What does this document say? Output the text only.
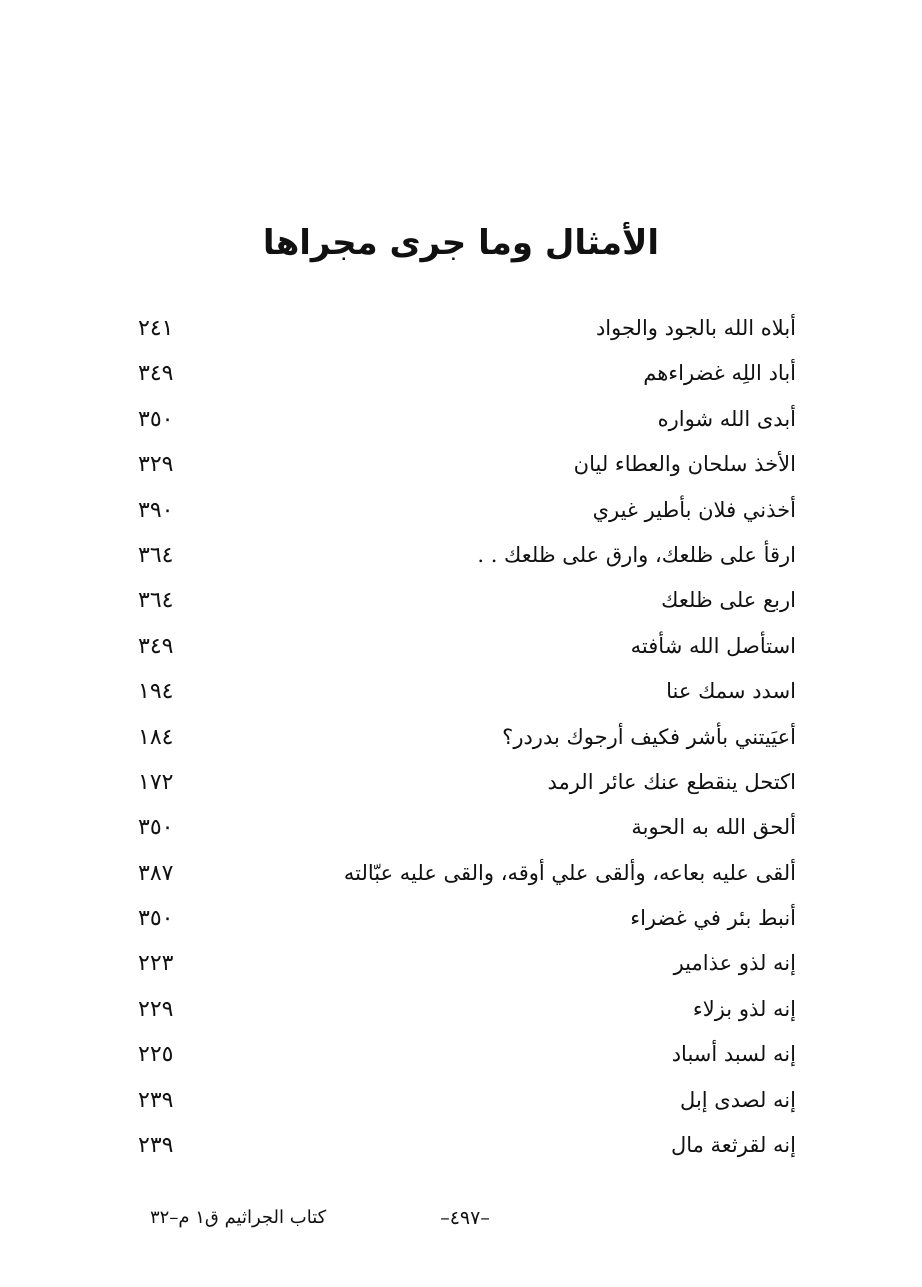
الأمثال وما جرى مجراها
أبلاه الله بالجود والجواد
٢٤١
أباد اللِه غضراءهم
٣٤٩
أبدى الله شواره
٣٥٠
الأخذ سلحان والعطاء ليان
٣٢٩
أخذني فلان بأطير غيري
٣٩٠
ارقأ على ظلعك، وارق على ظلعك . .
٣٦٤
اربع على ظلعك
٣٦٤
استأصل الله شأفته
٣٤٩
اسدد سمك عنا
١٩٤
أعيَيتني بأشر فكيف أرجوك بدردر؟
١٨٤
اكتحل ينقطع عنك عائر الرمد
١٧٢
ألحق الله به الحوبة
٣٥٠
ألقى عليه بعاعه، وألقى علي أوقه، والقى عليه عبّالته
٣٨٧
أنبط بئر في غضراء
٣٥٠
إنه لذو عذامير
٢٢٣
إنه لذو بزلاء
٢٢٩
إنه لسبد أسباد
٢٢٥
إنه لصدى إبل
٢٣٩
إنه لقرثعة مال
٢٣٩
–٤٩٧–
كتاب الجراثيم ق١ م–٣٢
